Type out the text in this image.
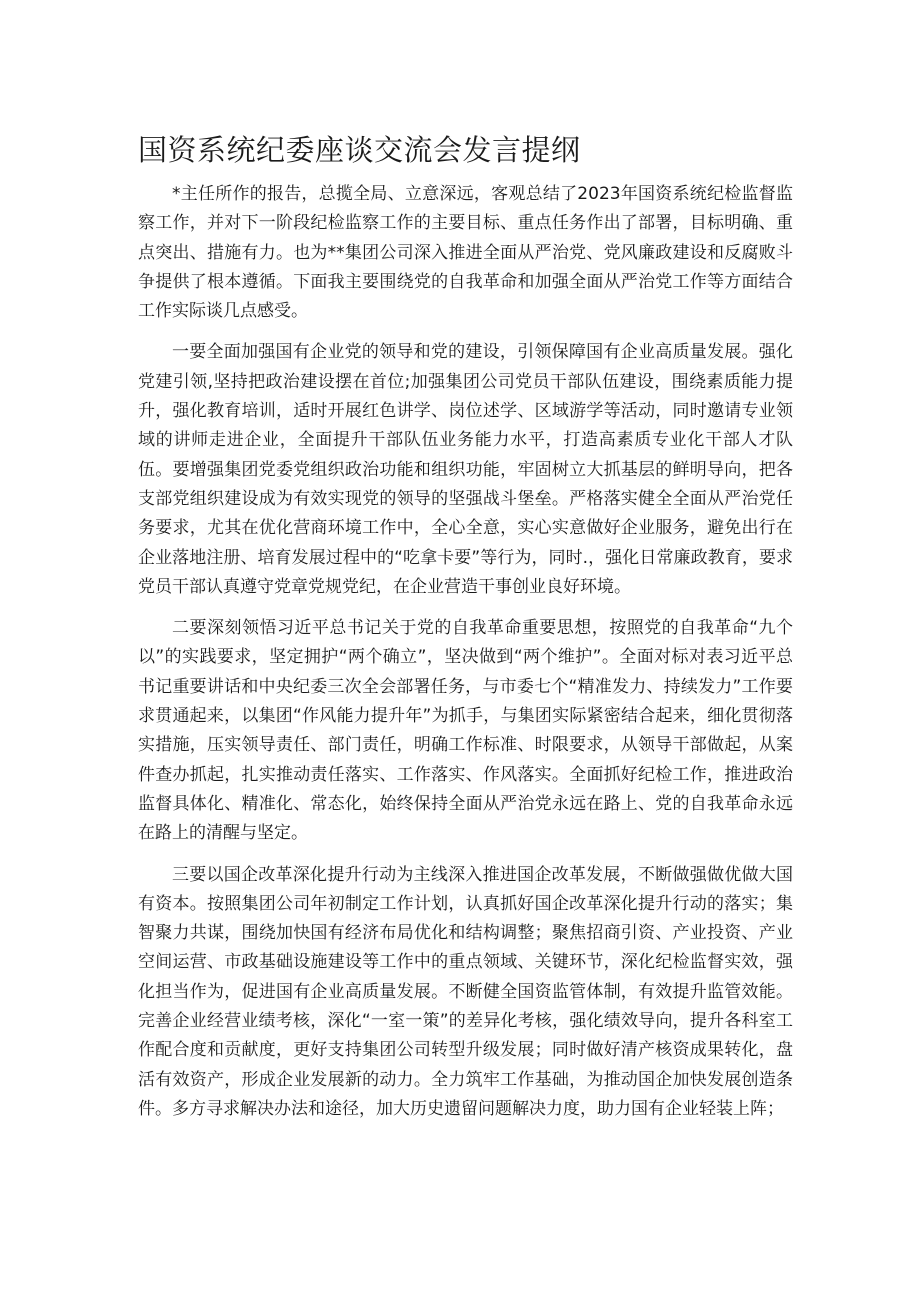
国资系统纪委座谈交流会发言提纲

*主任所作的报告，总揽全局、立意深远，客观总结了2023年国资系统纪检监督监察工作，并对下一阶段纪检监察工作的主要目标、重点任务作出了部署，目标明确、重点突出、措施有力。也为**集团公司深入推进全面从严治党、党风廉政建设和反腐败斗争提供了根本遵循。下面我主要围绕党的自我革命和加强全面从严治党工作等方面结合工作实际谈几点感受。

一要全面加强国有企业党的领导和党的建设，引领保障国有企业高质量发展。强化党建引领,坚持把政治建设摆在首位;加强集团公司党员干部队伍建设，围绕素质能力提升，强化教育培训，适时开展红色讲学、岗位述学、区域游学等活动，同时邀请专业领域的讲师走进企业，全面提升干部队伍业务能力水平，打造高素质专业化干部人才队伍。要增强集团党委党组织政治功能和组织功能，牢固树立大抓基层的鲜明导向，把各支部党组织建设成为有效实现党的领导的坚强战斗堡垒。严格落实健全全面从严治党任务要求，尤其在优化营商环境工作中，全心全意，实心实意做好企业服务，避免出行在企业落地注册、培育发展过程中的“吃拿卡要”等行为，同时.，强化日常廉政教育，要求党员干部认真遵守党章党规党纪，在企业营造干事创业良好环境。

二要深刻领悟习近平总书记关于党的自我革命重要思想，按照党的自我革命“九个以”的实践要求，坚定拥护“两个确立”，坚决做到“两个维护”。全面对标对表习近平总书记重要讲话和中央纪委三次全会部署任务，与市委七个“精准发力、持续发力”工作要求贯通起来，以集团“作风能力提升年”为抓手，与集团实际紧密结合起来，细化贯彻落实措施，压实领导责任、部门责任，明确工作标准、时限要求，从领导干部做起，从案件查办抓起，扎实推动责任落实、工作落实、作风落实。全面抓好纪检工作，推进政治监督具体化、精准化、常态化，始终保持全面从严治党永远在路上、党的自我革命永远在路上的清醒与坚定。

三要以国企改革深化提升行动为主线深入推进国企改革发展，不断做强做优做大国有资本。按照集团公司年初制定工作计划，认真抓好国企改革深化提升行动的落实；集智聚力共谋，围绕加快国有经济布局优化和结构调整；聚焦招商引资、产业投资、产业空间运营、市政基础设施建设等工作中的重点领域、关键环节，深化纪检监督实效，强化担当作为，促进国有企业高质量发展。不断健全国资监管体制，有效提升监管效能。完善企业经营业绩考核，深化“一室一策”的差异化考核，强化绩效导向，提升各科室工作配合度和贡献度，更好支持集团公司转型升级发展；同时做好清产核资成果转化，盘活有效资产，形成企业发展新的动力。全力筑牢工作基础，为推动国企加快发展创造条件。多方寻求解决办法和途径，加大历史遗留问题解决力度，助力国有企业轻装上阵；
